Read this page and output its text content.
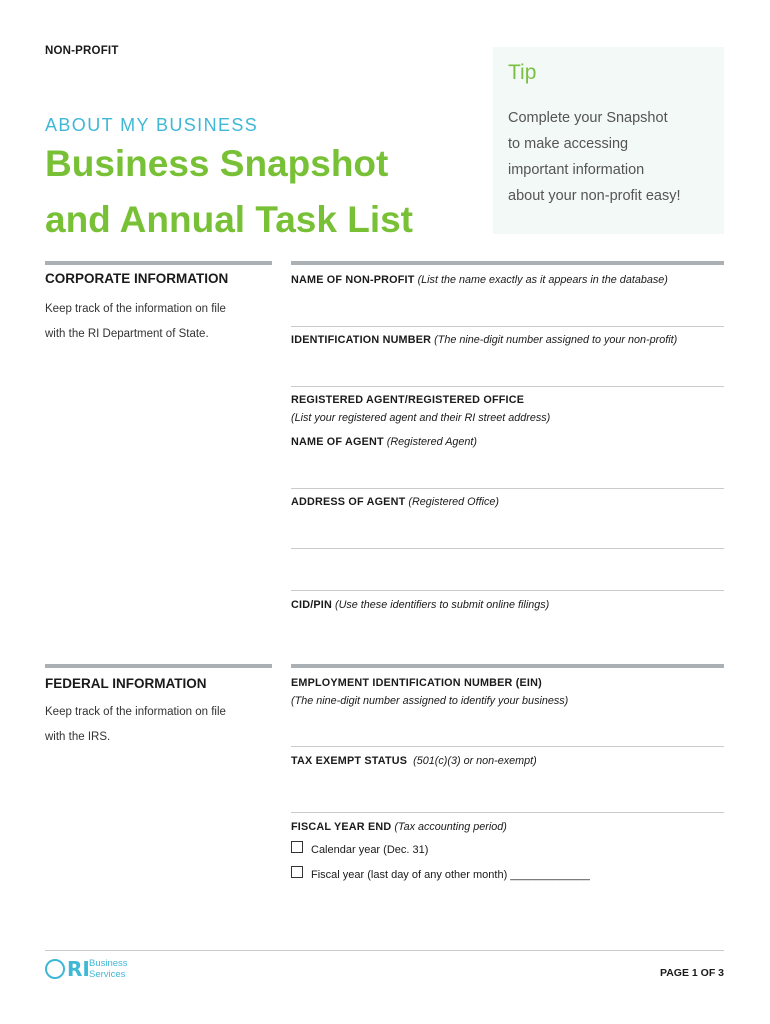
NON-PROFIT
Tip
Complete your Snapshot
to make accessing
important information
about your non-profit easy!
ABOUT MY BUSINESS
Business Snapshot
and Annual Task List
CORPORATE INFORMATION
Keep track of the information on file
with the RI Department of State.
NAME OF NON-PROFIT (List the name exactly as it appears in the database)
IDENTIFICATION NUMBER (The nine-digit number assigned to your non-profit)
REGISTERED AGENT/REGISTERED OFFICE
(List your registered agent and their RI street address)
NAME OF AGENT (Registered Agent)
ADDRESS OF AGENT (Registered Office)
CID/PIN (Use these identifiers to submit online filings)
FEDERAL INFORMATION
Keep track of the information on file
with the IRS.
EMPLOYMENT IDENTIFICATION NUMBER (EIN)
(The nine-digit number assigned to identify your business)
TAX EXEMPT STATUS (501(c)(3) or non-exempt)
FISCAL YEAR END (Tax accounting period)
Calendar year (Dec. 31)
Fiscal year (last day of any other month) _____________
RI Business
Services	PAGE 1 OF 3
